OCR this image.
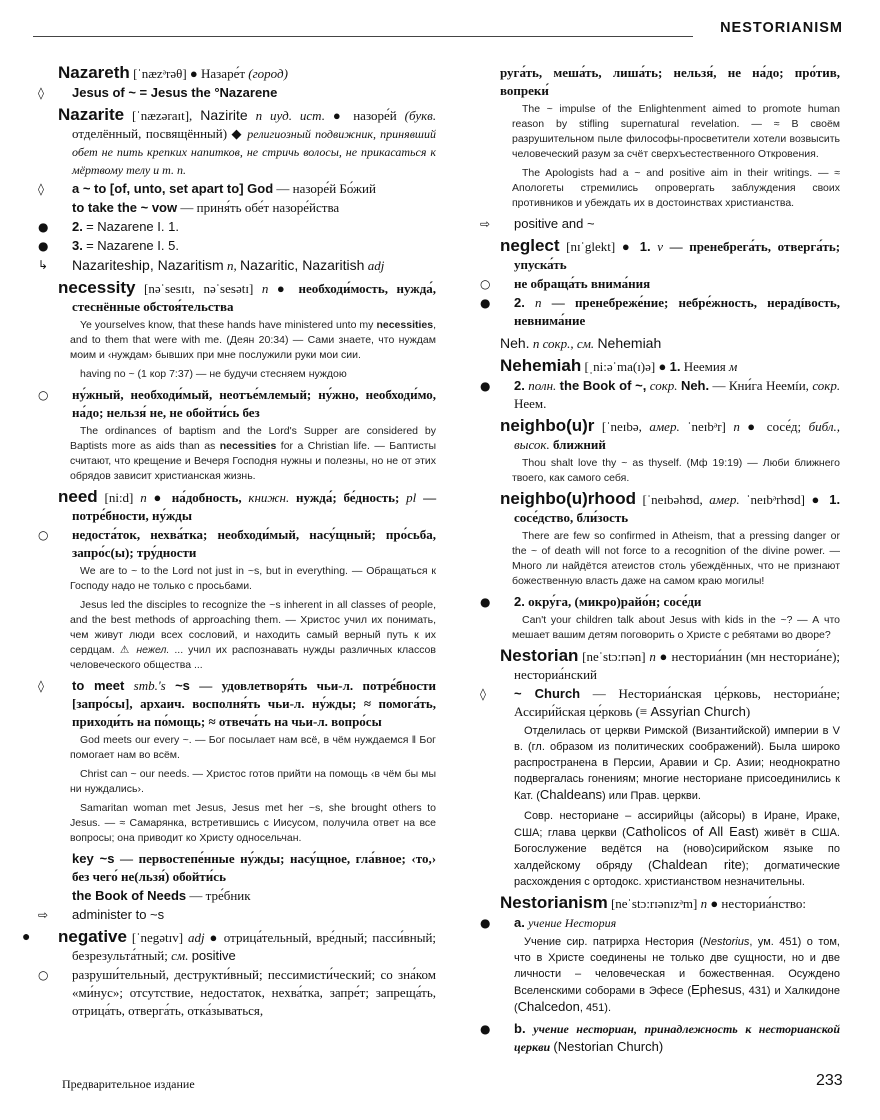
NESTORIANISM
Nazareth [ˈnæzᵊrəθ] ● Назаре́т (город)
◊	Jesus of ~ = Jesus the °Nazarene
Nazarite [ˈnæzəraɪt], Nazirite n иуд. ист. ● назоре́й (букв. отделённый, посвящённый) ◆ религиозный подвижник, принявший обет не пить крепких напитков, не стричь волосы, не прикасаться к мёртвому телу и т. п.
◊	a ~ to [of, unto, set apart to] God — назоре́й Бо́жий
to take the ~ vow — приня́ть обе́т назоре́йства
● 2. = Nazarene I. 1.
● 3. = Nazarene I. 5.
↳ Nazariteship, Nazaritism n, Nazaritic, Nazaritish adj
necessity [nəˈsesɪtɪ, nəˈsesətɪ] n ● необходи́мость, нужда́, стеснённые обстоя́тельства
Ye yourselves know, that these hands have ministered unto my necessities, and to them that were with me. (Деян 20:34) — Сами знаете, что нуждам моим и ‹нуждам› бывших при мне послужили руки мои сии.
having no ~ (1 кор 7:37) — не будучи стесняем нуждою
○ ну́жный, необходи́мый, неотъе́млемый; ну́жно, необходи́мо, на́до; нельзя́ не, не обойти́сь без
The ordinances of baptism and the Lord's Supper are considered by Baptists more as aids than as necessities for a Christian life. — Баптисты считают, что крещение и Вечеря Господня нужны и полезны, но не от этих обрядов зависит христианская жизнь.
need [ni:d] n ● на́добность, книжн. нужда́; бе́дность; pl — потре́бности, ну́жды
○ недоста́ток, нехва́тка; необходи́мый, насу́щный; про́сьба, запро́с(ы); тру́дности
We are to ~ to the Lord not just in ~s, but in everything. — Обращаться к Господу надо не только с просьбами.
Jesus led the disciples to recognize the ~s inherent in all classes of people, and the best methods of approaching them. — Христос учил их понимать, чем живут люди всех сословий, и находить самый верный путь к их сердцам. ⚠ нежел. ... учил их распознавать нужды различных классов человеческого общества ...
◊	to meet smb.'s ~s — удовлетворя́ть чьи-л. потре́бности [запро́сы], архаич. восполня́ть чьи-л. ну́жды; ≈ помога́ть, приходи́ть на по́мощь; ≈ отвеча́ть на чьи-л. вопро́сы
God meets our every ~. — Бог посылает нам всё, в чём нуждаемся ‖ Бог помогает нам во всём.
Christ can ~ our needs. — Христос готов прийти на помощь ‹в чём бы мы ни нуждались›.
Samaritan woman met Jesus, Jesus met her ~s, she brought others to Jesus. — ≈ Самарянка, встретившись с Иисусом, получила ответ на все вопросы; она приводит ко Христу односельчан.
key ~s — первостепе́нные ну́жды; насу́щное, гла́вное; ‹то,› без чего́ не(льзя́) обойти́сь
the Book of Needs — тре́бник
⇨	administer to ~s
●	negative [ˈnegətɪv] adj ● отрица́тельный, вре́дный; пасси́вный; безрезульта́тный; см. positive
○ разруши́тельный, деструкти́вный; пессимисти́ческий; со зна́ком «ми́нус»; отсутствие, недостаток, нехва́тка, запре́т; запреща́ть, отрица́ть, отверга́ть, отка́зываться,
руга́ть, меша́ть, лиша́ть; нельзя́, не на́до; про́тив, вопреки́
The ~ impulse of the Enlightenment aimed to promote human reason by stifling supernatural revelation. — ≈ В своём разрушительном пыле философы-просветители хотели возвысить человеческий разум за счёт сверхъестественного Откровения.
The Apologists had a ~ and positive aim in their writings. — ≈ Апологеты стремились опровергать заблуждения своих противников и убеждать их в достоинствах христианства.
⇨	positive and ~
neglect [nɪˈglekt] ● 1. v — пренебрега́ть, отверга́ть; упуска́ть
○ не обраща́ть внима́ния
● 2. n — пренебреже́ние; небре́жность, нерадíвость, невнима́ние
Neh. n сокр., см. Nehemiah
Nehemiah [ˌni:əˈma(ɪ)ə] ● 1. Неемия м
● 2. полн. the Book of ~, сокр. Neh. — Кни́га Неемíи, сокр. Неем.
neighbo(u)r [ˈneɪbə, амер. ˈneɪbᵊr] n ● сосе́д; библ., высок. ближний
Thou shalt love thy ~ as thyself. (Мф 19:19) — Люби ближнего твоего, как самого себя.
neighbo(u)rhood [ˈneɪbəhʊd, амер. ˈneɪbᵊrhʊd] ● 1. сосе́дство, бли́зость
There are few so confirmed in Atheism, that a pressing danger or the ~ of death will not force to a recognition of the divine power. — Много ли найдётся атеистов столь убеждённых, что не признают божественную власть даже на самом краю могилы!
● 2. окру́га, (микро)райо́н; сосе́ди
Can't your children talk about Jesus with kids in the ~? — А что мешает вашим детям поговорить о Христе с ребятами во дворе?
Nestorian [neˈstɔ:rɪən] n ● несториа́нин (мн несториа́не); несториа́нский
◊	~ Church — Несториа́нская це́рковь, несториа́не; Ассири́йская це́рковь (≡ Assyrian Church)
Отделилась от церкви Римской (Византийской) империи в V в. (гл. образом из политических соображений). Была широко распространена в Персии, Аравии и Ср. Азии; неоднократно подвергалась гонениям; многие несториане присоединились к Кат. (Chaldeans) или Прав. церкви.
Совр. несториане – ассирийцы (айсоры) в Иране, Ираке, США; глава церкви (Catholicos of All East) живёт в США. Богослужение ведётся на (ново)сирийском языке по халдейскому обряду (Chaldean rite); догматические расхождения с ортодокс. христианством незначительны.
Nestorianism [neˈstɔ:rɪənɪzᵊm] n ● несториа́нство:
● a. учение Нестория
Учение сир. патрирха Нестория (Nestorius, ум. 451) о том, что в Христе соединены не только две сущности, но и две личности – человеческая и божественная. Осуждено Вселенскими соборами в Эфесе (Ephesus, 431) и Халкидоне (Chalcedon, 451).
● b. учение несториан, принадлежность к несторианской церкви (Nestorian Church)
Предварительное издание	233
